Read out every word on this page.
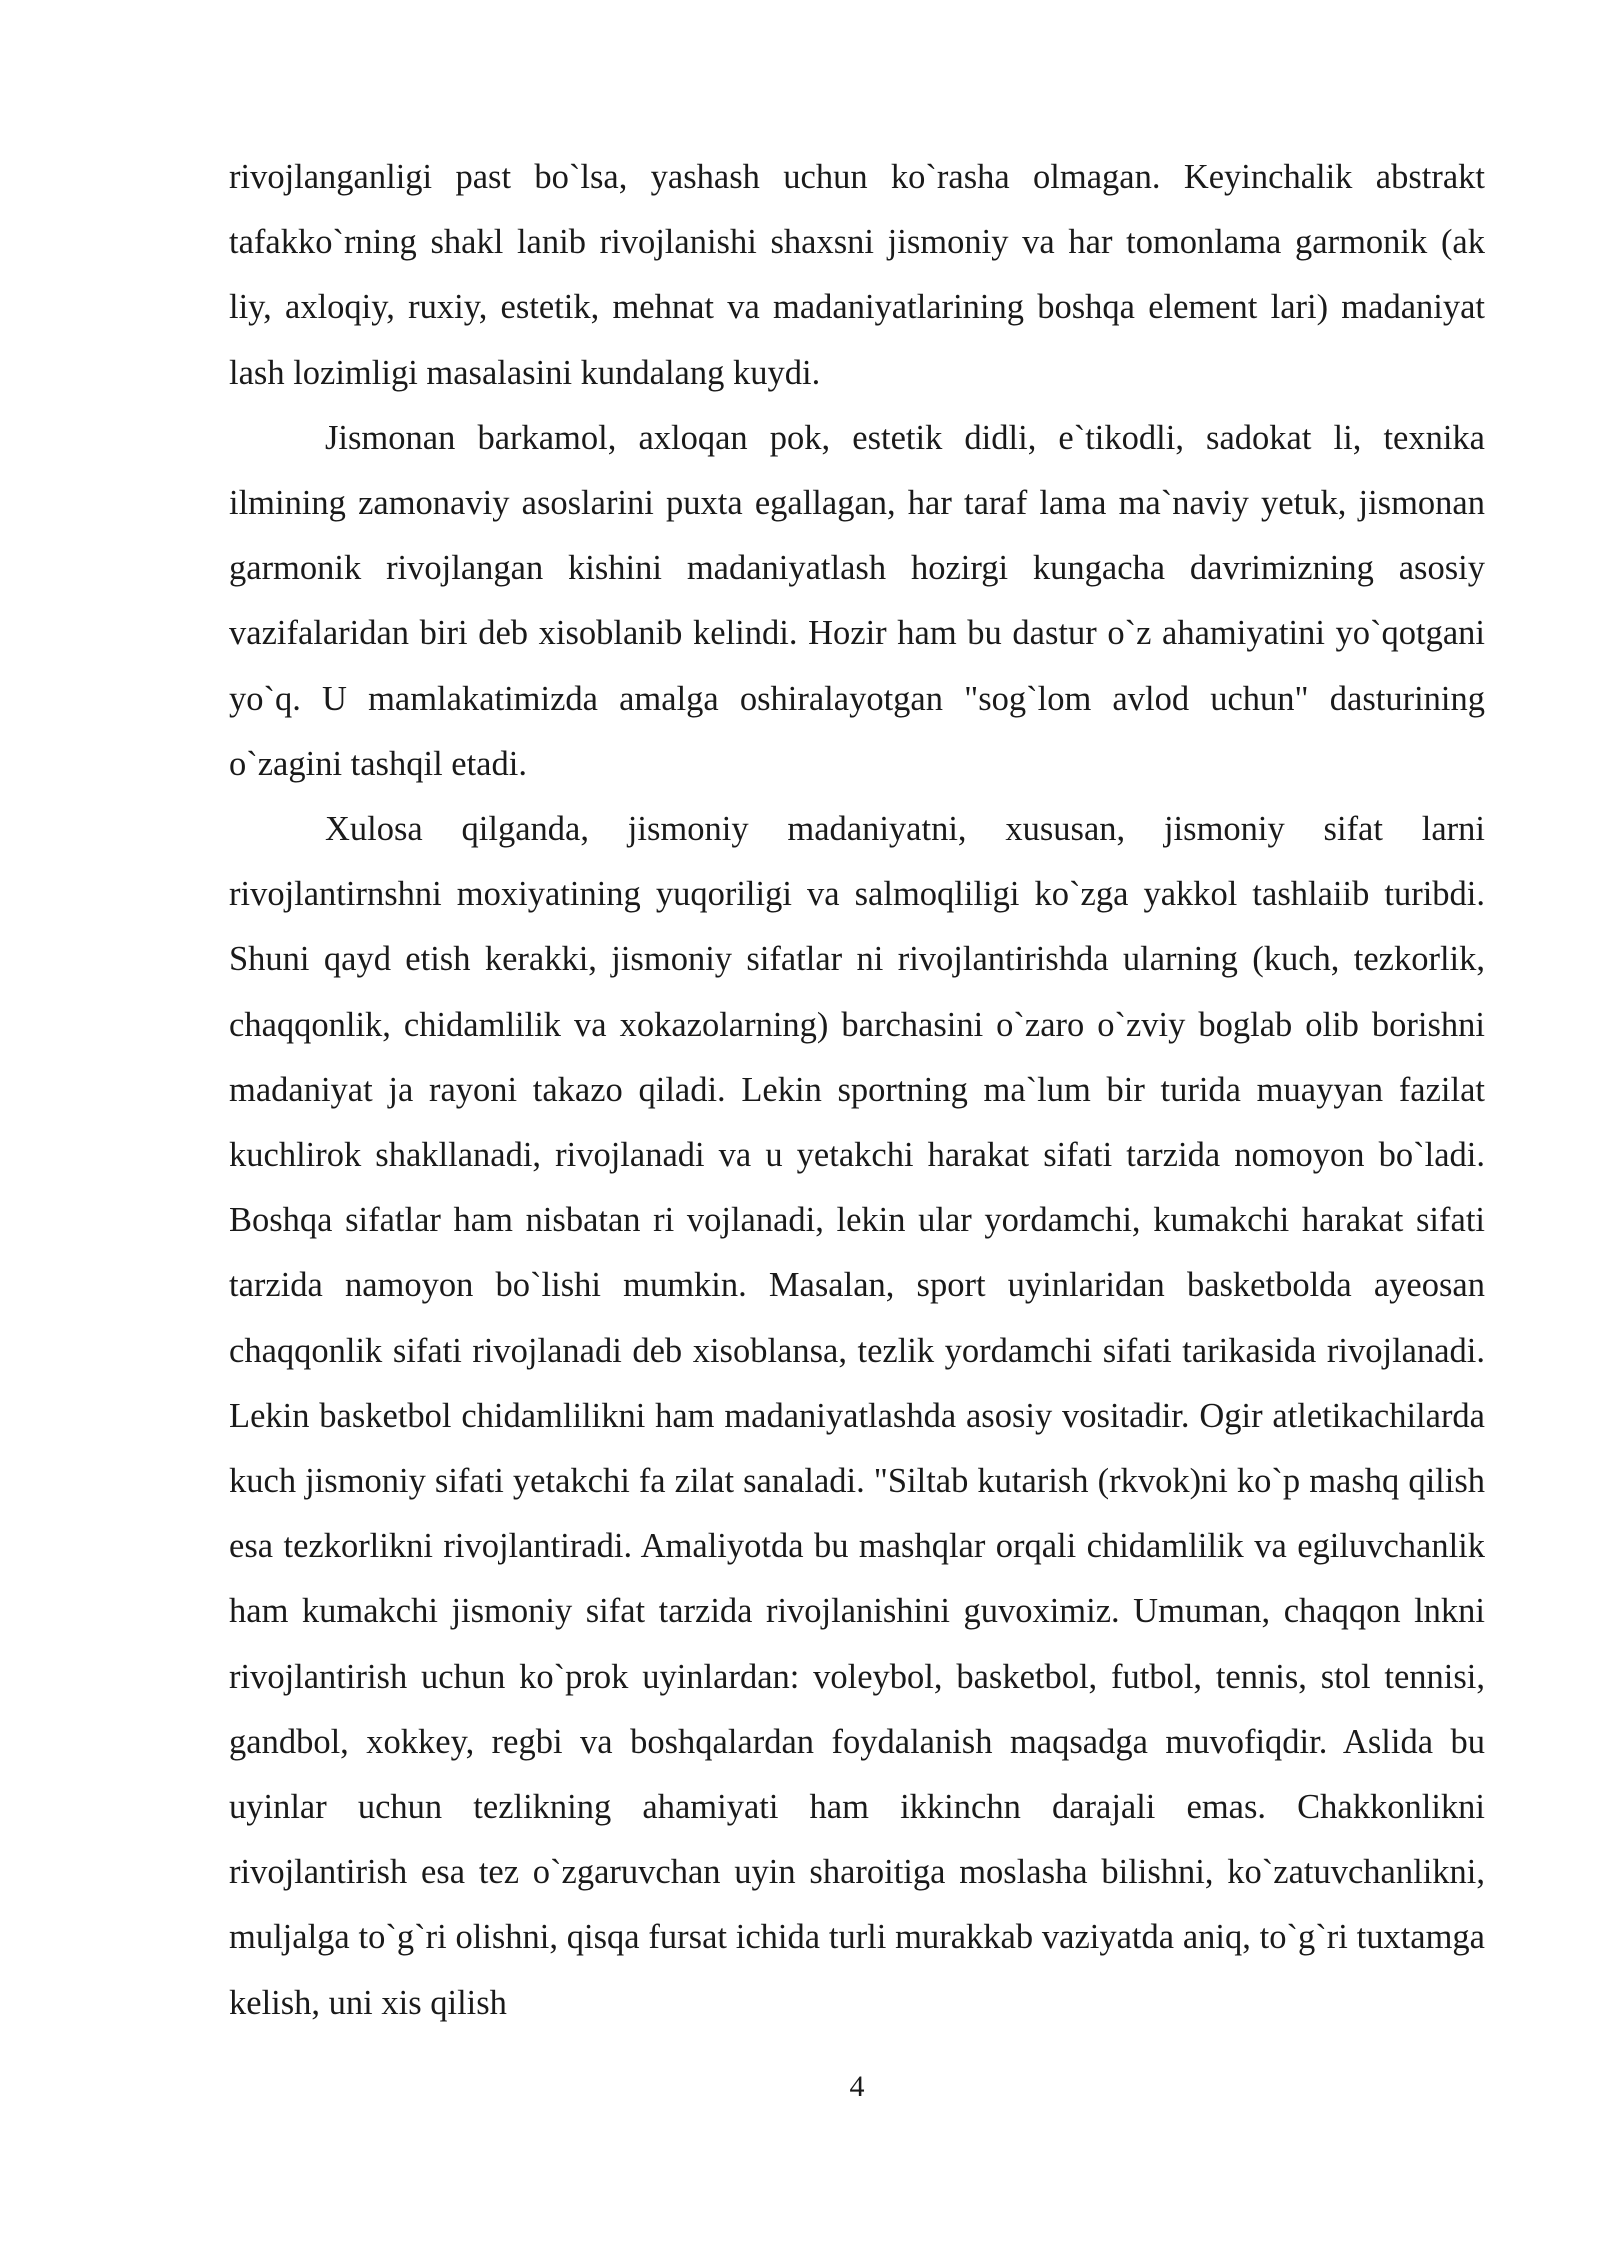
rivojlanganligi past bo`lsa, yashash uchun ko`rasha olmagan. Keyinchalik abstrakt tafakko`rning shakl lanib rivojlanishi shaxsni jismoniy va har tomonlama garmonik (ak liy, axloqiy, ruxiy, estetik, mehnat va madaniyatlarining boshqa element lari) madaniyat lash lozimligi masalasini kundalang kuydi.

Jismonan barkamol, axloqan pok, estetik didli, e`tikodli, sadokat li, texnika ilmining zamonaviy asoslarini puxta egallagan, har taraf lama ma`naviy yetuk, jismonan garmonik rivojlangan kishini madaniyatlash hozirgi kungacha davrimizning asosiy vazifalaridan biri deb xisoblanib kelindi. Hozir ham bu dastur o`z ahamiyatini yo`qotgani yo`q. U mamlakatimizda amalga oshiralayotgan "sog`lom avlod uchun" dasturining o`zagini tashqil etadi.

Xulosa qilganda, jismoniy madaniyatni, xususan, jismoniy sifat larni rivojlantirnshni moxiyatining yuqoriligi va salmoqliligi ko`zga yakkol tashlaiib turibdi. Shuni qayd etish kerakki, jismoniy sifatlar ni rivojlantirishda ularning (kuch, tezkorlik, chaqqonlik, chidamlilik va xokazolarning) barchasini o`zaro o`zviy boglab olib borishni madaniyat ja rayoni takazo qiladi. Lekin sportning ma`lum bir turida muayyan fazilat kuchlirok shakllanadi, rivojlanadi va u yetakchi harakat sifati tarzida nomoyon bo`ladi. Boshqa sifatlar ham nisbatan ri vojlanadi, lekin ular yordamchi, kumakchi harakat sifati tarzida namoyon bo`lishi mumkin. Masalan, sport uyinlaridan basketbolda ayeosan chaqqonlik sifati rivojlanadi deb xisoblansa, tezlik yordamchi sifati tarikasida rivojlanadi. Lekin basketbol chidamlilikni ham madaniyatlashda asosiy vositadir. Ogir atletikachilarda kuch jismoniy sifati yetakchi fa zilat sanaladi. "Siltab kutarish (rkvok)ni ko`p mashq qilish esa tezkorlikni rivojlantiradi. Amaliyotda bu mashqlar orqali chidamlilik va egiluvchanlik ham kumakchi jismoniy sifat tarzida rivojlanishini guvoximiz. Umuman, chaqqon lnkni rivojlantirish uchun ko`prok uyinlardan: voleybol, basketbol, futbol, tennis, stol tennisi, gandbol, xokkey, regbi va boshqalardan foydalanish maqsadga muvofiqdir. Aslida bu uyinlar uchun tezlikning ahamiyati ham ikkinchn darajali emas. Chakkonlikni rivojlantirish esa tez o`zgaruvchan uyin sharoitiga moslasha bilishni, ko`zatuvchanlikni, muljalga to`g`ri olishni, qisqa fursat ichida turli murakkab vaziyatda aniq, to`g`ri tuxtamga kelish, uni xis qilish

4
